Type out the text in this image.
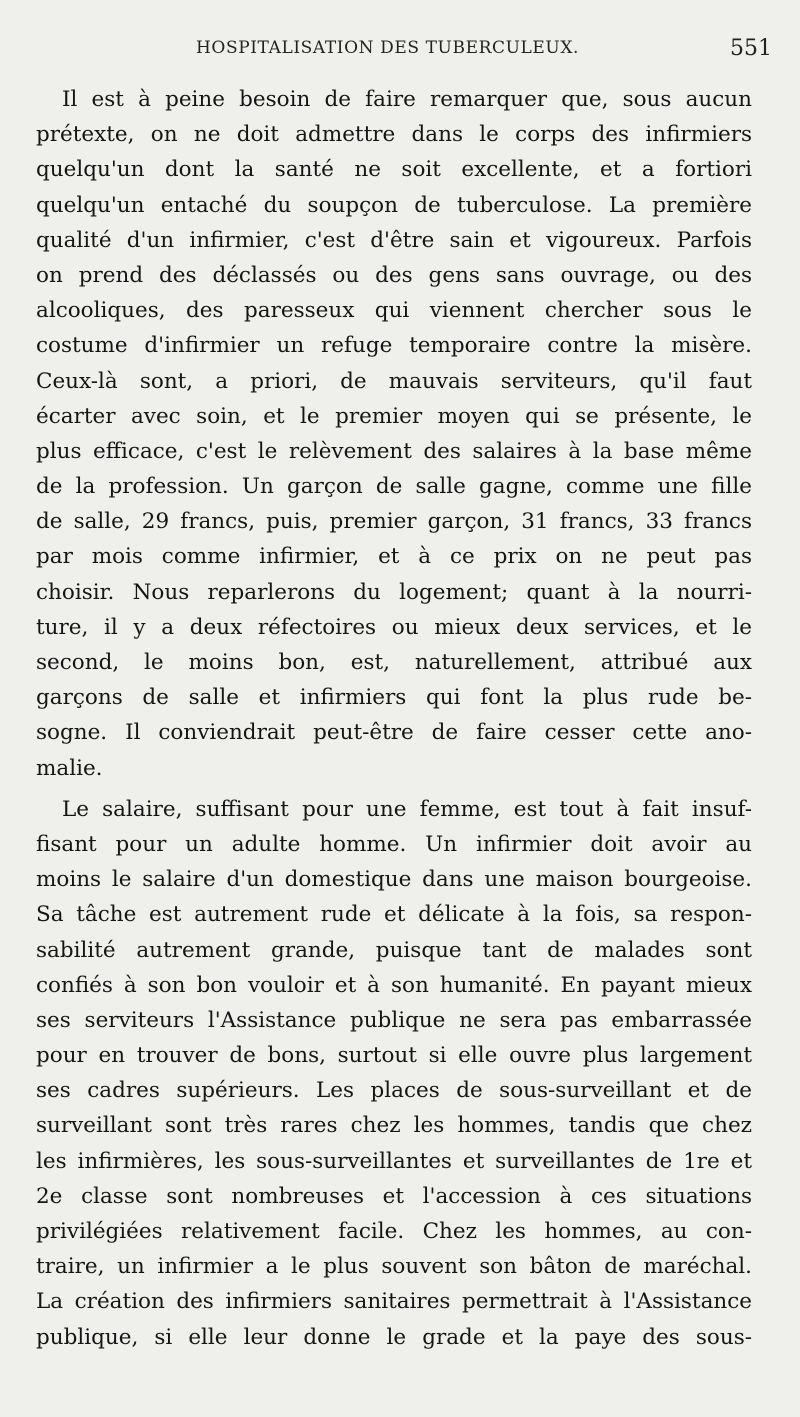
HOSPITALISATION DES TUBERCULEUX.	551
Il est à peine besoin de faire remarquer que, sous aucun
prétexte, on ne doit admettre dans le corps des infirmiers
quelqu'un dont la santé ne soit excellente, et a fortiori
quelqu'un entaché du soupçon de tuberculose. La première
qualité d'un infirmier, c'est d'être sain et vigoureux. Parfois
on prend des déclassés ou des gens sans ouvrage, ou des
alcooliques, des paresseux qui viennent chercher sous le
costume d'infirmier un refuge temporaire contre la misère.
Ceux-là sont, a priori, de mauvais serviteurs, qu'il faut
écarter avec soin, et le premier moyen qui se présente, le
plus efficace, c'est le relèvement des salaires à la base même
de la profession. Un garçon de salle gagne, comme une fille
de salle, 29 francs, puis, premier garçon, 31 francs, 33 francs
par mois comme infirmier, et à ce prix on ne peut pas
choisir. Nous reparlerons du logement; quant à la nourri-
ture, il y a deux réfectoires ou mieux deux services, et le
second, le moins bon, est, naturellement, attribué aux
garçons de salle et infirmiers qui font la plus rude be-
sogne. Il conviendrait peut-être de faire cesser cette ano-
malie.
Le salaire, suffisant pour une femme, est tout à fait insuf-
fisant pour un adulte homme. Un infirmier doit avoir au
moins le salaire d'un domestique dans une maison bourgeoise.
Sa tâche est autrement rude et délicate à la fois, sa respon-
sabilité autrement grande, puisque tant de malades sont
confiés à son bon vouloir et à son humanité. En payant mieux
ses serviteurs l'Assistance publique ne sera pas embarrassée
pour en trouver de bons, surtout si elle ouvre plus largement
ses cadres supérieurs. Les places de sous-surveillant et de
surveillant sont très rares chez les hommes, tandis que chez
les infirmières, les sous-surveillantes et surveillantes de 1re et
2e classe sont nombreuses et l'accession à ces situations
privilégiées relativement facile. Chez les hommes, au con-
traire, un infirmier a le plus souvent son bâton de maréchal.
La création des infirmiers sanitaires permettrait à l'Assistance
publique, si elle leur donne le grade et la paye des sous-
